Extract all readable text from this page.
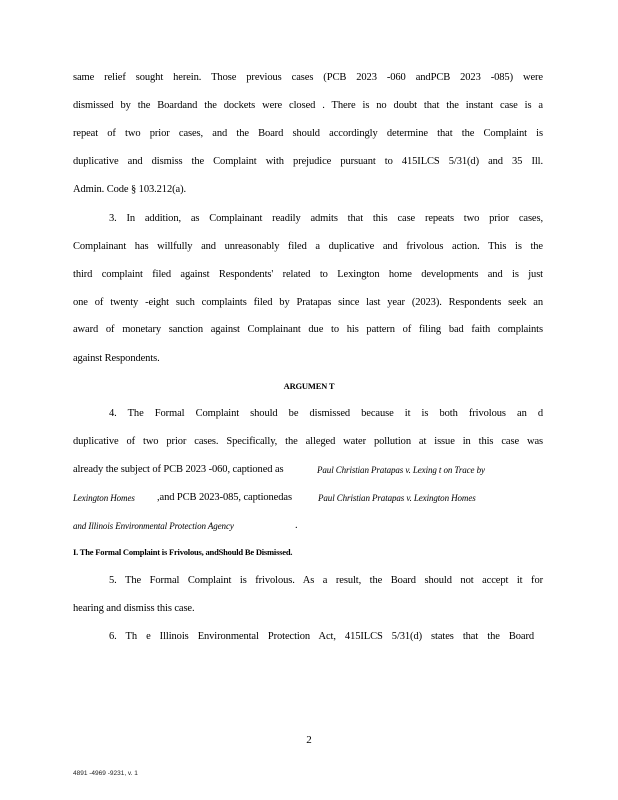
same relief sought herein. Those previous cases (PCB 2023 -060 andPCB 2023 -085) were
dismissed by the Boardand the dockets were closed . There is no doubt that the instant case is a
repeat of two prior cases, and the Board should accordingly determine that the Complaint is
duplicative and dismiss the Complaint with prejudice pursuant to 415ILCS 5/31(d) and 35 Ill.
Admin. Code § 103.212(a).
3. In addition, as Complainant readily admits that this case repeats two prior cases,
Complainant has willfully and unreasonably filed a duplicative and frivolous action. This is the
third complaint filed against Respondents' related to Lexington home developments and is just
one of twenty -eight such complaints filed by Pratapas since last year (2023). Respondents seek an
award of monetary sanction against Complainant due to his pattern of filing bad faith complaints
against Respondents.
ARGUMEN T
4. The Formal Complaint should be dismissed because it is both frivolous an d
duplicative of two prior cases. Specifically, the alleged water pollution at issue in this case was
already the subject of PCB 2023 -060, captioned as	Paul Christian Pratapas v. Lexing t on Trace by
Lexington Homes ,and PCB 2023-085, captionedas	Paul Christian Pratapas v. Lexington Homes
and Illinois Environmental Protection Agency	.
I. The Formal Complaint is Frivolous, andShould Be Dismissed.
5. The Formal Complaint is frivolous. As a result, the Board should not accept it for
hearing and dismiss this case.
6. Th e Illinois Environmental Protection Act, 415ILCS 5/31(d) states that the Board
2
4891 -4969 -9231, v. 1
